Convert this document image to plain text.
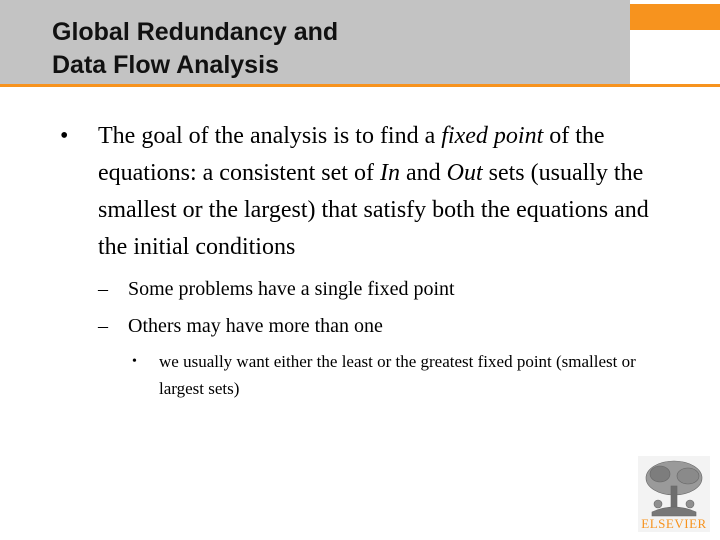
Global Redundancy and
Data Flow Analysis
• The goal of the analysis is to find a fixed point of the equations: a consistent set of In and Out sets (usually the smallest or the largest) that satisfy both the equations and the initial conditions
– Some problems have a single fixed point
– Others may have more than one
• we usually want either the least or the greatest fixed point (smallest or largest sets)
ELSEVIER
